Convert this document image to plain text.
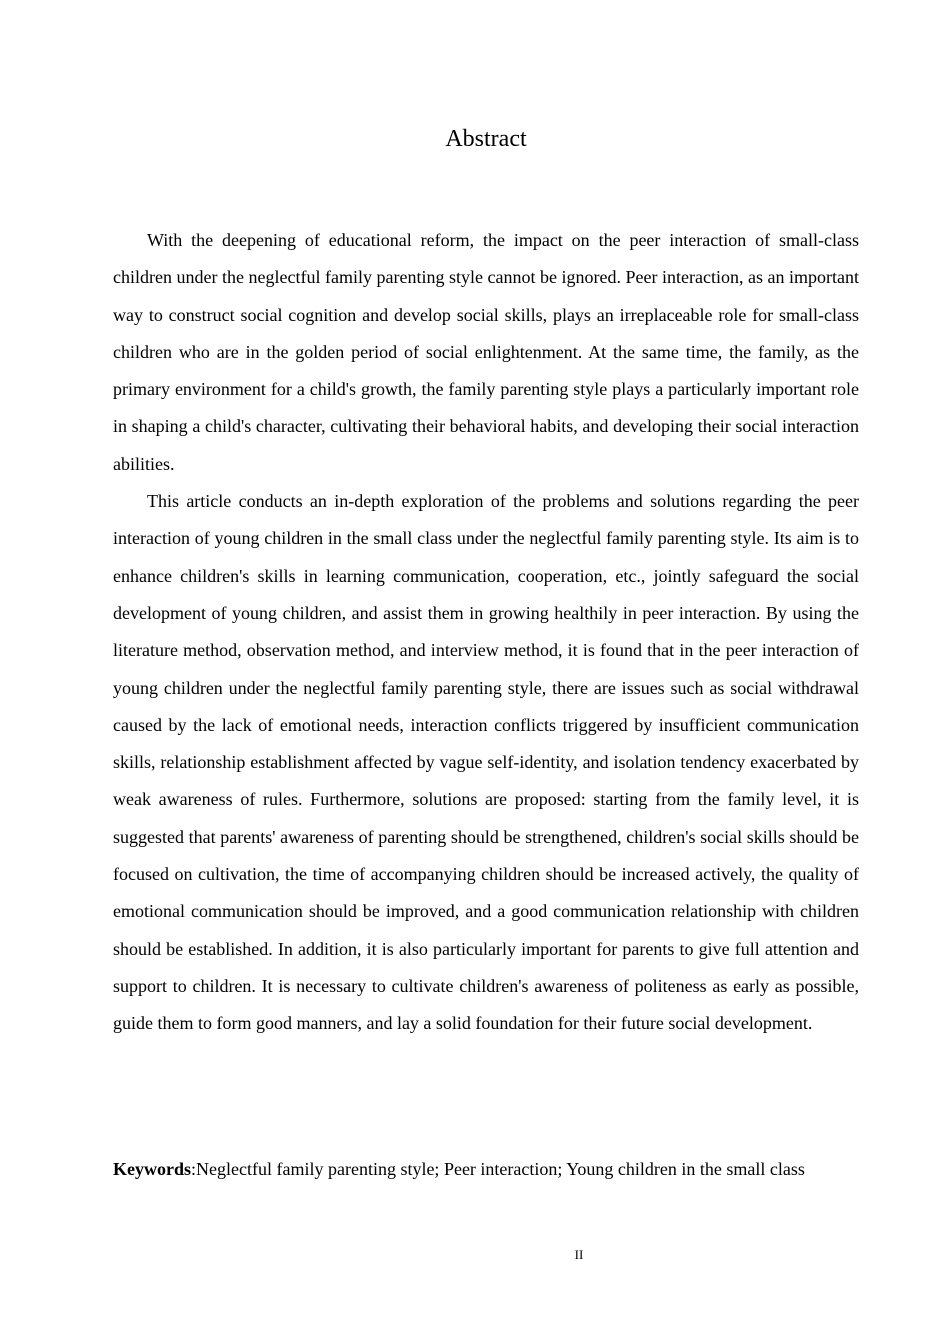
Abstract

With the deepening of educational reform, the impact on the peer interaction of small-class children under the neglectful family parenting style cannot be ignored. Peer interaction, as an important way to construct social cognition and develop social skills, plays an irreplaceable role for small-class children who are in the golden period of social enlightenment. At the same time, the family, as the primary environment for a child's growth, the family parenting style plays a particularly important role in shaping a child's character, cultivating their behavioral habits, and developing their social interaction abilities.

This article conducts an in-depth exploration of the problems and solutions regarding the peer interaction of young children in the small class under the neglectful family parenting style. Its aim is to enhance children's skills in learning communication, cooperation, etc., jointly safeguard the social development of young children, and assist them in growing healthily in peer interaction. By using the literature method, observation method, and interview method, it is found that in the peer interaction of young children under the neglectful family parenting style, there are issues such as social withdrawal caused by the lack of emotional needs, interaction conflicts triggered by insufficient communication skills, relationship establishment affected by vague self-identity, and isolation tendency exacerbated by weak awareness of rules. Furthermore, solutions are proposed: starting from the family level, it is suggested that parents' awareness of parenting should be strengthened, children's social skills should be focused on cultivation, the time of accompanying children should be increased actively, the quality of emotional communication should be improved, and a good communication relationship with children should be established. In addition, it is also particularly important for parents to give full attention and support to children. It is necessary to cultivate children's awareness of politeness as early as possible, guide them to form good manners, and lay a solid foundation for their future social development.

Keywords:Neglectful family parenting style; Peer interaction; Young children in the small class

II
